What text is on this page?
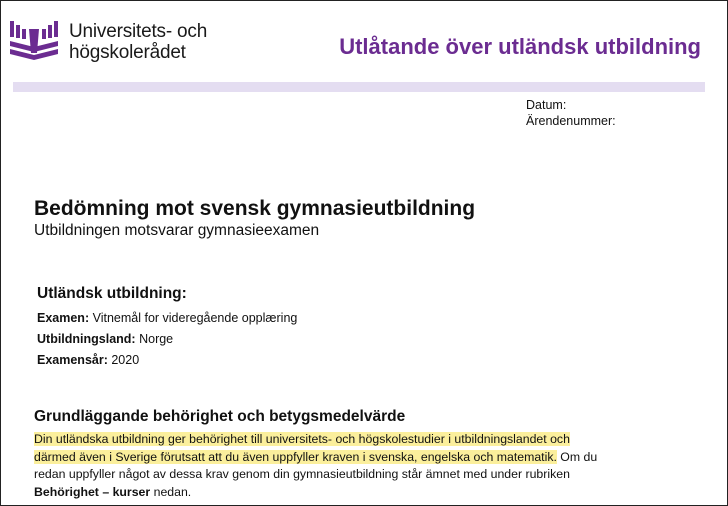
Universitets- och
högskolerådet	Utlåtande över utländsk utbildning
Datum:
Ärendenummer:
Bedömning mot svensk gymnasieutbildning
Utbildningen motsvarar gymnasieexamen
Utländsk utbildning:
Examen: Vitnemål for videregående opplæring
Utbildningsland: Norge
Examensår: 2020
Grundläggande behörighet och betygsmedelvärde
Din utländska utbildning ger behörighet till universitets- och högskolestudier i utbildningslandet och
därmed även i Sverige förutsatt att du även uppfyller kraven i svenska, engelska och matematik. Om du
redan uppfyller något av dessa krav genom din gymnasieutbildning står ämnet med under rubriken
Behörighet – kurser nedan.
